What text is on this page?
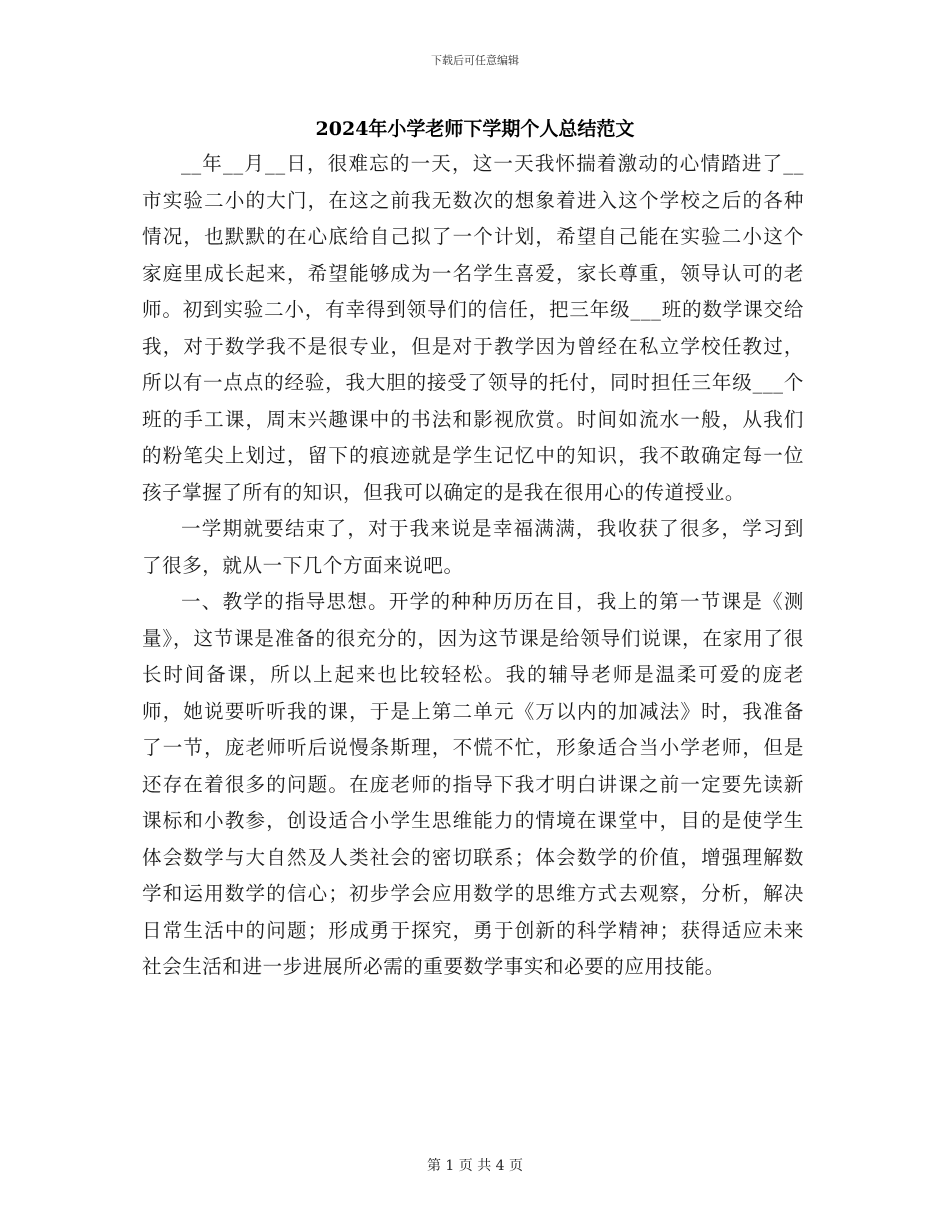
下载后可任意编辑
2024年小学老师下学期个人总结范文

__年__月__日，很难忘的一天，这一天我怀揣着激动的心情踏进了__市实验二小的大门，在这之前我无数次的想象着进入这个学校之后的各种情况，也默默的在心底给自己拟了一个计划，希望自己能在实验二小这个家庭里成长起来，希望能够成为一名学生喜爱，家长尊重，领导认可的老师。初到实验二小，有幸得到领导们的信任，把三年级___班的数学课交给我，对于数学我不是很专业，但是对于教学因为曾经在私立学校任教过，所以有一点点的经验，我大胆的接受了领导的托付，同时担任三年级___个班的手工课，周末兴趣课中的书法和影视欣赏。时间如流水一般，从我们的粉笔尖上划过，留下的痕迹就是学生记忆中的知识，我不敢确定每一位孩子掌握了所有的知识，但我可以确定的是我在很用心的传道授业。

一学期就要结束了，对于我来说是幸福满满，我收获了很多，学习到了很多，就从一下几个方面来说吧。

一、教学的指导思想。开学的种种历历在目，我上的第一节课是《测量》，这节课是准备的很充分的，因为这节课是给领导们说课，在家用了很长时间备课，所以上起来也比较轻松。我的辅导老师是温柔可爱的庞老师，她说要听听我的课，于是上第二单元《万以内的加减法》时，我准备了一节，庞老师听后说慢条斯理，不慌不忙，形象适合当小学老师，但是还存在着很多的问题。在庞老师的指导下我才明白讲课之前一定要先读新课标和小教参，创设适合小学生思维能力的情境在课堂中，目的是使学生体会数学与大自然及人类社会的密切联系；体会数学的价值，增强理解数学和运用数学的信心；初步学会应用数学的思维方式去观察，分析，解决日常生活中的问题；形成勇于探究，勇于创新的科学精神；获得适应未来社会生活和进一步进展所必需的重要数学事实和必要的应用技能。

第 1 页 共 4 页
